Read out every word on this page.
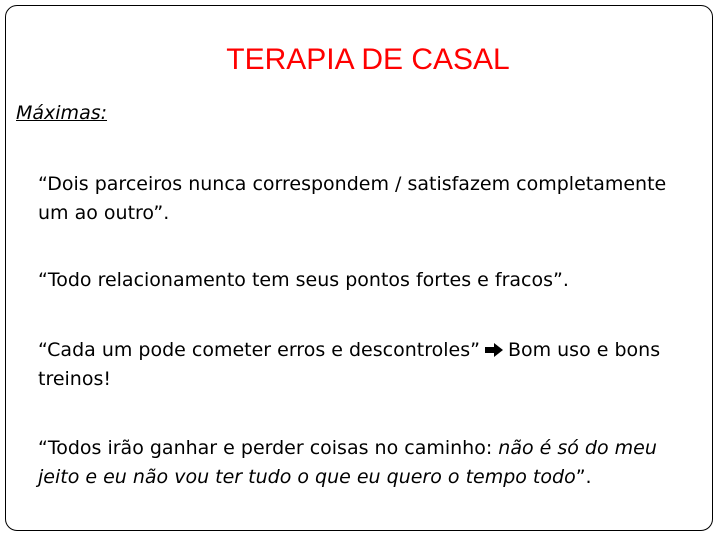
TERAPIA DE CASAL
Máximas:
“Dois parceiros nunca correspondem / satisfazem completamente um ao outro”.
“Todo relacionamento tem seus pontos fortes e fracos”.
“Cada um pode cometer erros e descontroles” Bom uso e bons treinos!
“Todos irão ganhar e perder coisas no caminho: não é só do meu jeito e eu não vou ter tudo o que eu quero o tempo todo”.
